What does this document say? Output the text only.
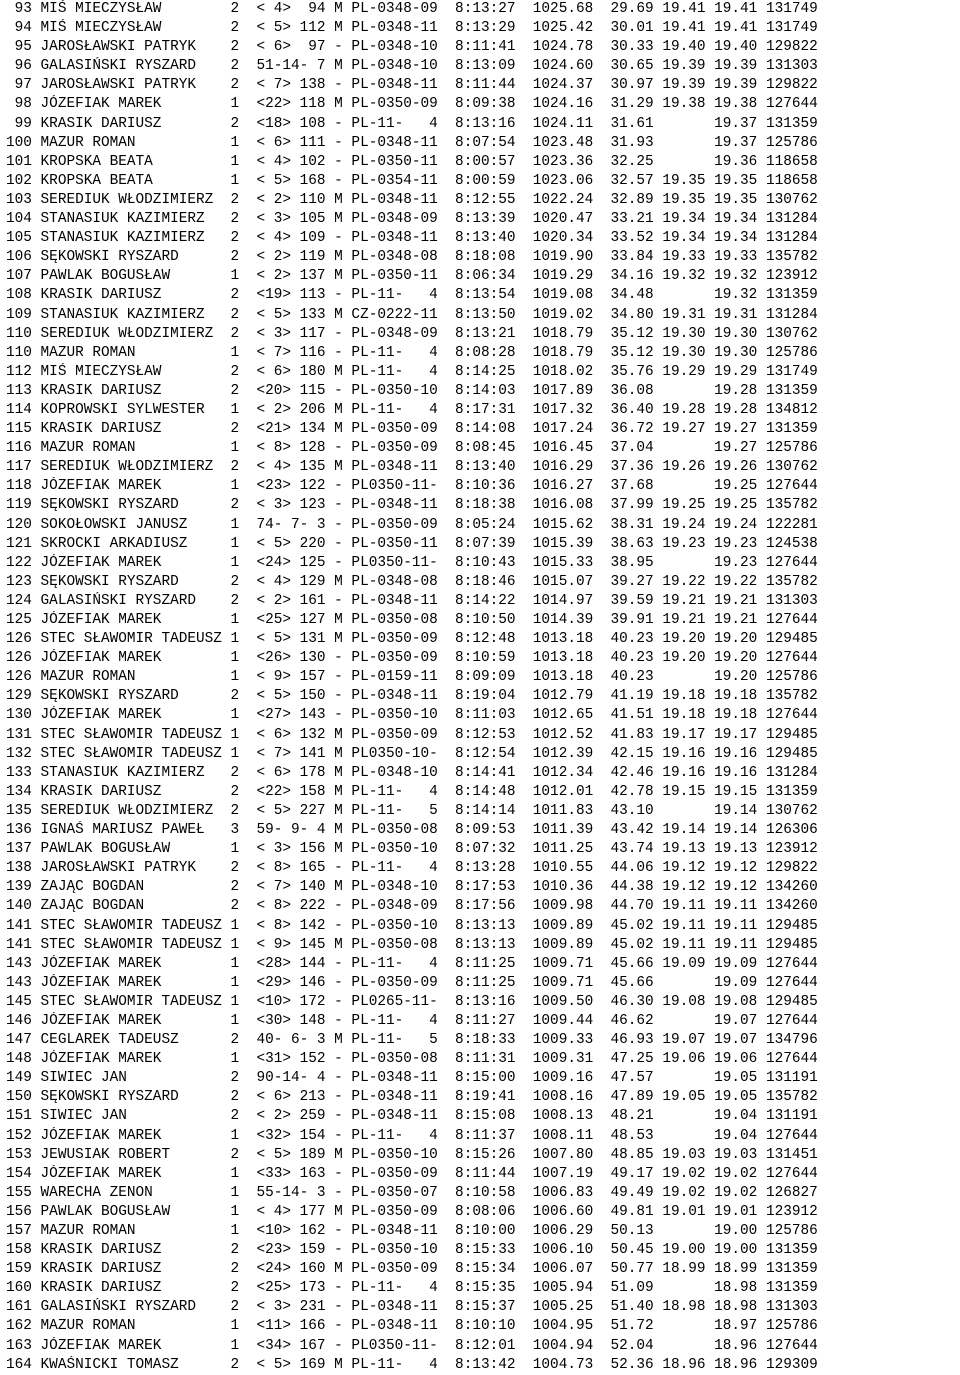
93 MIŚ MIECZYSŁAW        2  < 4>  94 M PL-0348-09  8:13:27  1025.68  29.69 19.41 19.41 131749
94 MIŚ MIECZYSŁAW        2  < 5> 112 M PL-0348-11  8:13:29  1025.42  30.01 19.41 19.41 131749
95 JAROSŁAWSKI PATRYK    2  < 6>  97 - PL-0348-10  8:11:41  1024.78  30.33 19.40 19.40 129822
96 GALASIŃSKI RYSZARD    2  51-14- 7 M PL-0348-10  8:13:09  1024.60  30.65 19.39 19.39 131303
97 JAROSŁAWSKI PATRYK    2  < 7> 138 - PL-0348-11  8:11:44  1024.37  30.97 19.39 19.39 129822
98 JÓZEFIAK MAREK        1  <22> 118 M PL-0350-09  8:09:38  1024.16  31.29 19.38 19.38 127644
99 KRASIK DARIUSZ        2  <18> 108 - PL-11-   4  8:13:16  1024.11  31.61       19.37 131359
100 MAZUR ROMAN           1  < 6> 111 - PL-0348-11  8:07:54  1023.48  31.93       19.37 125786
101 KROPSKA BEATA         1  < 4> 102 - PL-0350-11  8:00:57  1023.36  32.25       19.36 118658
102 KROPSKA BEATA         1  < 5> 168 - PL-0354-11  8:00:59  1023.06  32.57 19.35 19.35 118658
103 SEREDIUK WŁODZIMIERZ  2  < 2> 110 M PL-0348-11  8:12:55  1022.24  32.89 19.35 19.35 130762
104 STANASIUK KAZIMIERZ   2  < 3> 105 M PL-0348-09  8:13:39  1020.47  33.21 19.34 19.34 131284
105 STANASIUK KAZIMIERZ   2  < 4> 109 - PL-0348-11  8:13:40  1020.34  33.52 19.34 19.34 131284
106 SĘKOWSKI RYSZARD      2  < 2> 119 M PL-0348-08  8:18:08  1019.90  33.84 19.33 19.33 135782
107 PAWLAK BOGUSŁAW       1  < 2> 137 M PL-0350-11  8:06:34  1019.29  34.16 19.32 19.32 123912
108 KRASIK DARIUSZ        2  <19> 113 - PL-11-   4  8:13:54  1019.08  34.48       19.32 131359
109 STANASIUK KAZIMIERZ   2  < 5> 133 M CZ-0222-11  8:13:50  1019.02  34.80 19.31 19.31 131284
110 SEREDIUK WŁODZIMIERZ  2  < 3> 117 - PL-0348-09  8:13:21  1018.79  35.12 19.30 19.30 130762
110 MAZUR ROMAN           1  < 7> 116 - PL-11-   4  8:08:28  1018.79  35.12 19.30 19.30 125786
112 MIŚ MIECZYSŁAW        2  < 6> 180 M PL-11-   4  8:14:25  1018.02  35.76 19.29 19.29 131749
113 KRASIK DARIUSZ        2  <20> 115 - PL-0350-10  8:14:03  1017.89  36.08       19.28 131359
114 KOPROWSKI SYLWESTER   1  < 2> 206 M PL-11-   4  8:17:31  1017.32  36.40 19.28 19.28 134812
115 KRASIK DARIUSZ        2  <21> 134 M PL-0350-09  8:14:08  1017.24  36.72 19.27 19.27 131359
116 MAZUR ROMAN           1  < 8> 128 - PL-0350-09  8:08:45  1016.45  37.04       19.27 125786
117 SEREDIUK WŁODZIMIERZ  2  < 4> 135 M PL-0348-11  8:13:40  1016.29  37.36 19.26 19.26 130762
118 JÓZEFIAK MAREK        1  <23> 122 - PL0350-11-  8:10:36  1016.27  37.68       19.25 127644
119 SĘKOWSKI RYSZARD      2  < 3> 123 - PL-0348-11  8:18:38  1016.08  37.99 19.25 19.25 135782
120 SOKOŁOWSKI JANUSZ     1  74- 7- 3 - PL-0350-09  8:05:24  1015.62  38.31 19.24 19.24 122281
121 SKROCKI ARKADIUSZ     1  < 5> 220 - PL-0350-11  8:07:39  1015.39  38.63 19.23 19.23 124538
122 JÓZEFIAK MAREK        1  <24> 125 - PL0350-11-  8:10:43  1015.33  38.95       19.23 127644
123 SĘKOWSKI RYSZARD      2  < 4> 129 M PL-0348-08  8:18:46  1015.07  39.27 19.22 19.22 135782
124 GALASIŃSKI RYSZARD    2  < 2> 161 - PL-0348-11  8:14:22  1014.97  39.59 19.21 19.21 131303
125 JÓZEFIAK MAREK        1  <25> 127 M PL-0350-08  8:10:50  1014.39  39.91 19.21 19.21 127644
126 STEC SŁAWOMIR TADEUSZ 1  < 5> 131 M PL-0350-09  8:12:48  1013.18  40.23 19.20 19.20 129485
126 JÓZEFIAK MAREK        1  <26> 130 - PL-0350-09  8:10:59  1013.18  40.23 19.20 19.20 127644
126 MAZUR ROMAN           1  < 9> 157 - PL-0159-11  8:09:09  1013.18  40.23       19.20 125786
129 SĘKOWSKI RYSZARD      2  < 5> 150 - PL-0348-11  8:19:04  1012.79  41.19 19.18 19.18 135782
130 JÓZEFIAK MAREK        1  <27> 143 - PL-0350-10  8:11:03  1012.65  41.51 19.18 19.18 127644
131 STEC SŁAWOMIR TADEUSZ 1  < 6> 132 M PL-0350-09  8:12:53  1012.52  41.83 19.17 19.17 129485
132 STEC SŁAWOMIR TADEUSZ 1  < 7> 141 M PL0350-10-  8:12:54  1012.39  42.15 19.16 19.16 129485
133 STANASIUK KAZIMIERZ   2  < 6> 178 M PL-0348-10  8:14:41  1012.34  42.46 19.16 19.16 131284
134 KRASIK DARIUSZ        2  <22> 158 M PL-11-   4  8:14:48  1012.01  42.78 19.15 19.15 131359
135 SEREDIUK WŁODZIMIERZ  2  < 5> 227 M PL-11-   5  8:14:14  1011.83  43.10       19.14 130762
136 IGNAŚ MARIUSZ PAWEŁ   3  59- 9- 4 M PL-0350-08  8:09:53  1011.39  43.42 19.14 19.14 126306
137 PAWLAK BOGUSŁAW       1  < 3> 156 M PL-0350-10  8:07:32  1011.25  43.74 19.13 19.13 123912
138 JAROSŁAWSKI PATRYK    2  < 8> 165 - PL-11-   4  8:13:28  1010.55  44.06 19.12 19.12 129822
139 ZAJĄC BOGDAN          2  < 7> 140 M PL-0348-10  8:17:53  1010.36  44.38 19.12 19.12 134260
140 ZAJĄC BOGDAN          2  < 8> 222 - PL-0348-09  8:17:56  1009.98  44.70 19.11 19.11 134260
141 STEC SŁAWOMIR TADEUSZ 1  < 8> 142 - PL-0350-10  8:13:13  1009.89  45.02 19.11 19.11 129485
141 STEC SŁAWOMIR TADEUSZ 1  < 9> 145 M PL-0350-08  8:13:13  1009.89  45.02 19.11 19.11 129485
143 JÓZEFIAK MAREK        1  <28> 144 - PL-11-   4  8:11:25  1009.71  45.66 19.09 19.09 127644
143 JÓZEFIAK MAREK        1  <29> 146 - PL-0350-09  8:11:25  1009.71  45.66       19.09 127644
145 STEC SŁAWOMIR TADEUSZ 1  <10> 172 - PL0265-11-  8:13:16  1009.50  46.30 19.08 19.08 129485
146 JÓZEFIAK MAREK        1  <30> 148 - PL-11-   4  8:11:27  1009.44  46.62       19.07 127644
147 CEGLAREK TADEUSZ      2  40- 6- 3 M PL-11-   5  8:18:33  1009.33  46.93 19.07 19.07 134796
148 JÓZEFIAK MAREK        1  <31> 152 - PL-0350-08  8:11:31  1009.31  47.25 19.06 19.06 127644
149 SIWIEC JAN            2  90-14- 4 - PL-0348-11  8:15:00  1009.16  47.57       19.05 131191
150 SĘKOWSKI RYSZARD      2  < 6> 213 - PL-0348-11  8:19:41  1008.16  47.89 19.05 19.05 135782
151 SIWIEC JAN            2  < 2> 259 - PL-0348-11  8:15:08  1008.13  48.21       19.04 131191
152 JÓZEFIAK MAREK        1  <32> 154 - PL-11-   4  8:11:37  1008.11  48.53       19.04 127644
153 JEWUSIAK ROBERT       2  < 5> 189 M PL-0350-10  8:15:26  1007.80  48.85 19.03 19.03 131451
154 JÓZEFIAK MAREK        1  <33> 163 - PL-0350-09  8:11:44  1007.19  49.17 19.02 19.02 127644
155 WARECHA ZENON         1  55-14- 3 - PL-0350-07  8:10:58  1006.83  49.49 19.02 19.02 126827
156 PAWLAK BOGUSŁAW       1  < 4> 177 M PL-0350-09  8:08:06  1006.60  49.81 19.01 19.01 123912
157 MAZUR ROMAN           1  <10> 162 - PL-0348-11  8:10:00  1006.29  50.13       19.00 125786
158 KRASIK DARIUSZ        2  <23> 159 - PL-0350-10  8:15:33  1006.10  50.45 19.00 19.00 131359
159 KRASIK DARIUSZ        2  <24> 160 M PL-0350-09  8:15:34  1006.07  50.77 18.99 18.99 131359
160 KRASIK DARIUSZ        2  <25> 173 - PL-11-   4  8:15:35  1005.94  51.09       18.98 131359
161 GALASIŃSKI RYSZARD    2  < 3> 231 - PL-0348-11  8:15:37  1005.25  51.40 18.98 18.98 131303
162 MAZUR ROMAN           1  <11> 166 - PL-0348-11  8:10:10  1004.95  51.72       18.97 125786
163 JÓZEFIAK MAREK        1  <34> 167 - PL0350-11-  8:12:01  1004.94  52.04       18.96 127644
164 KWAŚNICKI TOMASZ      2  < 5> 169 M PL-11-   4  8:13:42  1004.73  52.36 18.96 18.96 129309
